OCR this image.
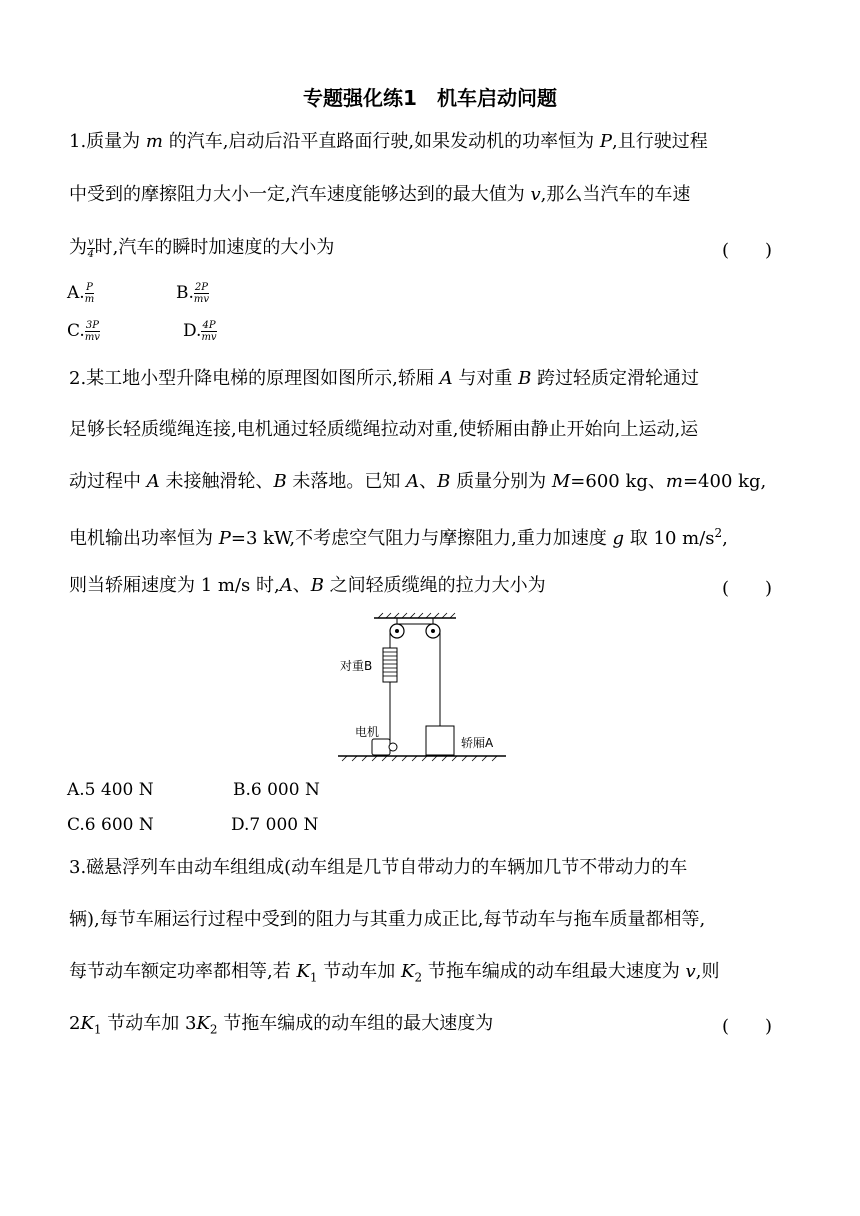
专题强化练1　机车启动问题
1.质量为 m 的汽车,启动后沿平直路面行驶,如果发动机的功率恒为 P,且行驶过程
中受到的摩擦阻力大小一定,汽车速度能够达到的最大值为 v,那么当汽车的车速
为 $\frac{v}{4}$ 时,汽车的瞬时加速度的大小为	(　　)
A. $\frac{P}{m}$	B. $\frac{2P}{mv}$
C. $\frac{3P}{mv}$	D. $\frac{4P}{mv}$
2.某工地小型升降电梯的原理图如图所示,轿厢 A 与对重 B 跨过轻质定滑轮通过
足够长轻质缆绳连接,电机通过轻质缆绳拉动对重,使轿厢由静止开始向上运动,运
动过程中 A 未接触滑轮、B 未落地。已知 A、B 质量分别为 M=600 kg、m=400 kg,
电机输出功率恒为 P=3 kW,不考虑空气阻力与摩擦阻力,重力加速度 g 取 10 $m/s^2$,
则当轿厢速度为 1 m/s 时,A、B 之间轻质缆绳的拉力大小为	(　　)
对重B
电机
轿厢A
A.5 400 N	B.6 000 N
C.6 600 N	D.7 000 N
3.磁悬浮列车由动车组组成(动车组是几节自带动力的车辆加几节不带动力的车
辆),每节车厢运行过程中受到的阻力与其重力成正比,每节动车与拖车质量都相等,
每节动车额定功率都相等,若 $K_1$ 节动车加 $K_2$ 节拖车编成的动车组最大速度为 v,则
$2K_1$ 节动车加 $3K_2$ 节拖车编成的动车组的最大速度为	(　　)
